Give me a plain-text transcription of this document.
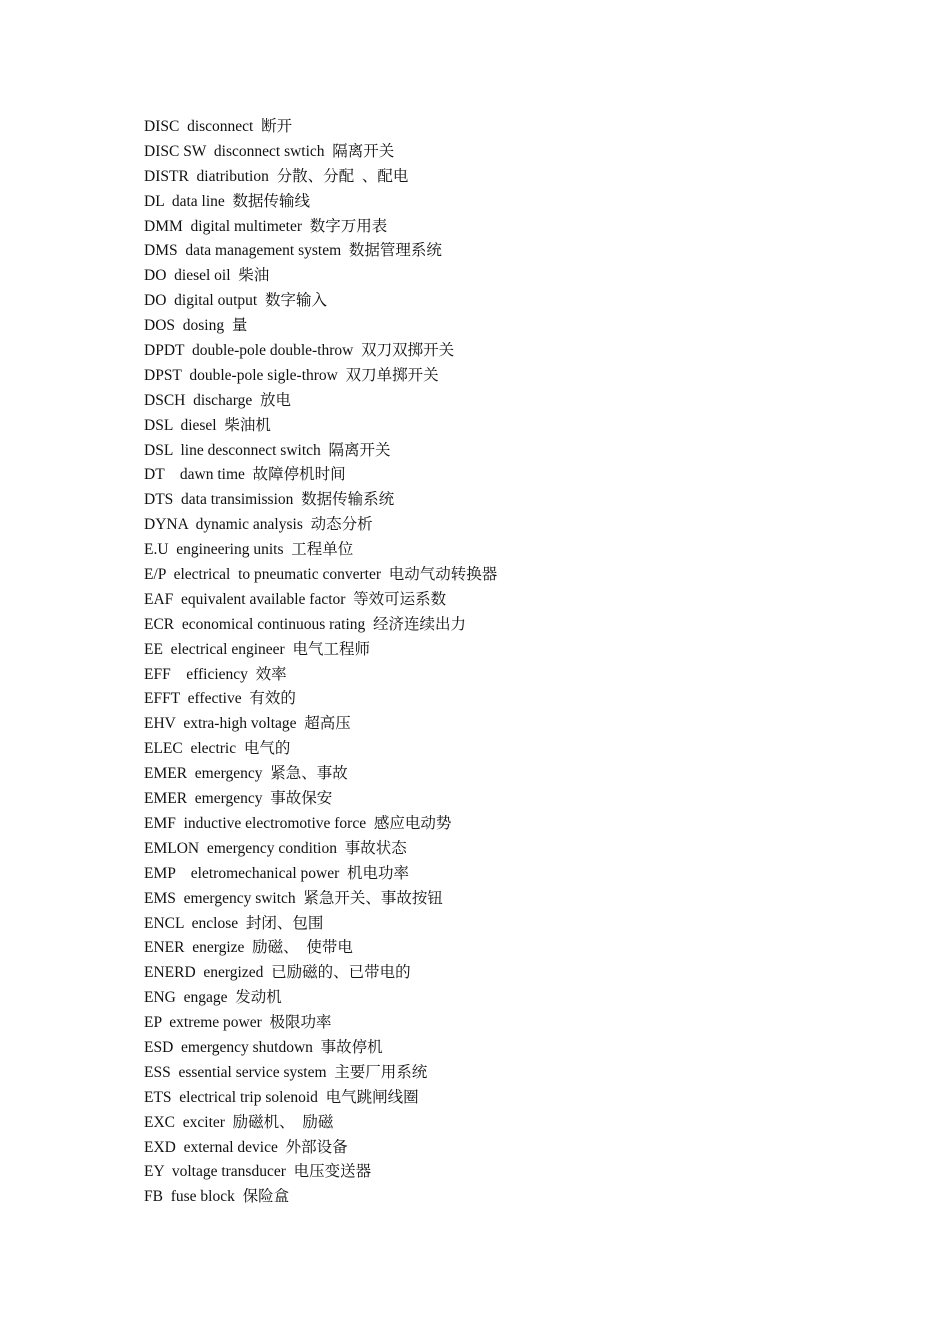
DISC  disconnect  断开
DISC SW  disconnect swtich  隔离开关
DISTR  diatribution  分散、分配  、配电
DL  data line  数据传输线
DMM  digital multimeter  数字万用表
DMS  data management system  数据管理系统
DO  diesel oil  柴油
DO  digital output  数字输入
DOS  dosing  量
DPDT  double-pole double-throw  双刀双掷开关
DPST  double-pole sigle-throw  双刀单掷开关
DSCH  discharge  放电
DSL  diesel  柴油机
DSL  line desconnect switch  隔离开关
DT    dawn time  故障停机时间
DTS  data transimission  数据传输系统
DYNA  dynamic analysis  动态分析
E.U  engineering units  工程单位
E/P  electrical  to pneumatic converter  电动气动转换器
EAF  equivalent available factor  等效可运系数
ECR  economical continuous rating  经济连续出力
EE  electrical engineer  电气工程师
EFF    efficiency  效率
EFFT  effective  有效的
EHV  extra-high voltage  超高压
ELEC  electric  电气的
EMER  emergency  紧急、事故
EMER  emergency  事故保安
EMF  inductive electromotive force  感应电动势
EMLON  emergency condition  事故状态
EMP    eletromechanical power  机电功率
EMS  emergency switch  紧急开关、事故按钮
ENCL  enclose  封闭、包围
ENER  energize  励磁、  使带电
ENERD  energized  已励磁的、已带电的
ENG  engage  发动机
EP  extreme power  极限功率
ESD  emergency shutdown  事故停机
ESS  essential service system  主要厂用系统
ETS  electrical trip solenoid  电气跳闸线圈
EXC  exciter  励磁机、  励磁
EXD  external device  外部设备
EY  voltage transducer  电压变送器
FB  fuse block  保险盒
